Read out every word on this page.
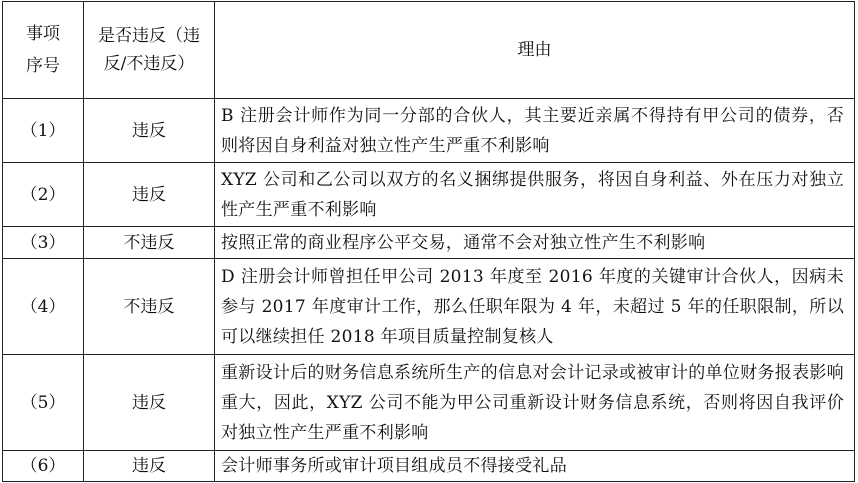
事项序号	是否违反（违反/不违反）	理由
（1）	违反	B 注册会计师作为同一分部的合伙人，其主要近亲属不得持有甲公司的债券，否则将因自身利益对独立性产生严重不利影响
（2）	违反	XYZ 公司和乙公司以双方的名义捆绑提供服务，将因自身利益、外在压力对独立性产生严重不利影响
（3）	不违反	按照正常的商业程序公平交易，通常不会对独立性产生不利影响
（4）	不违反	D 注册会计师曾担任甲公司 2013 年度至 2016 年度的关键审计合伙人，因病未参与 2017 年度审计工作，那么任职年限为 4 年，未超过 5 年的任职限制，所以可以继续担任 2018 年项目质量控制复核人
（5）	违反	重新设计后的财务信息系统所生产的信息对会计记录或被审计的单位财务报表影响重大，因此，XYZ 公司不能为甲公司重新设计财务信息系统，否则将因自我评价对独立性产生严重不利影响
（6）	违反	会计师事务所或审计项目组成员不得接受礼品
